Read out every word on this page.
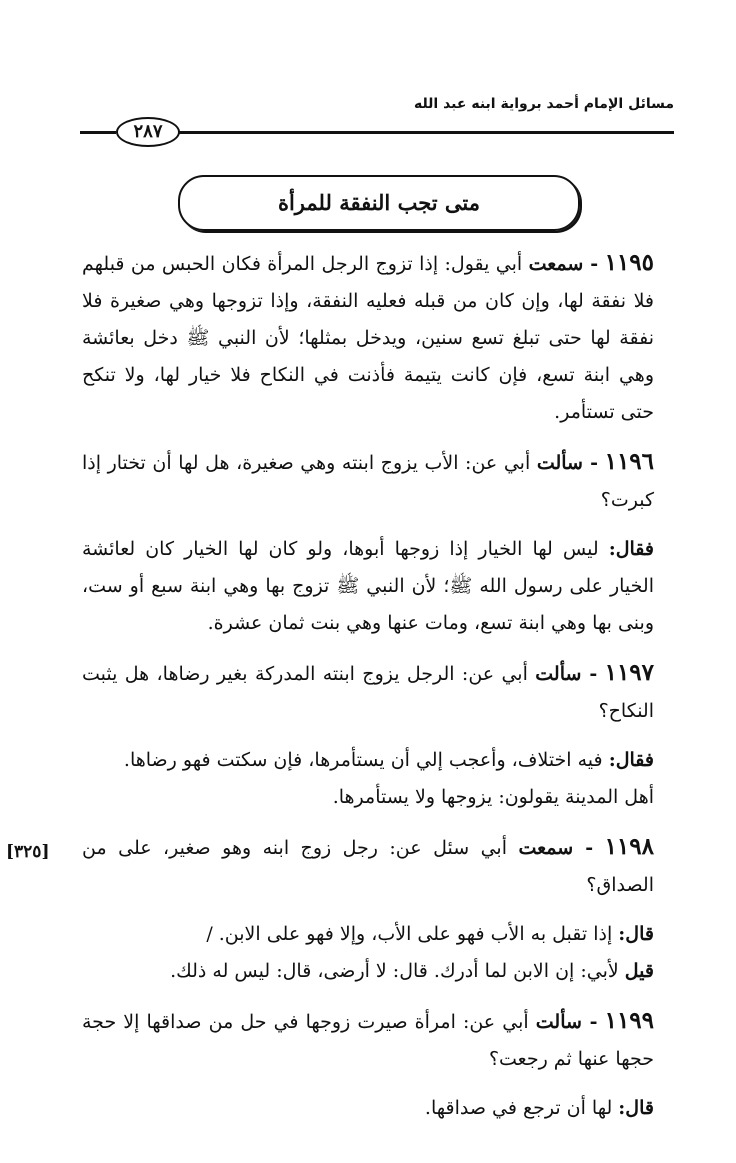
مسائل الإمام أحمد برواية ابنه عبد الله
٢٨٧
متى تجب النفقة للمرأة
[٣٢٥]

١١٩٥ - سمعت أبي يقول: إذا تزوج الرجل المرأة فكان الحبس من قبلهم فلا نفقة لها، وإن كان من قبله فعليه النفقة، وإذا تزوجها وهي صغيرة فلا نفقة لها حتى تبلغ تسع سنين، ويدخل بمثلها؛ لأن النبي ﷺ دخل بعائشة وهي ابنة تسع، فإن كانت يتيمة فأذنت في النكاح فلا خيار لها، ولا تنكح حتى تستأمر.

١١٩٦ - سألت أبي عن: الأب يزوج ابنته وهي صغيرة، هل لها أن تختار إذا كبرت؟

فقال: ليس لها الخيار إذا زوجها أبوها، ولو كان لها الخيار كان لعائشة الخيار على رسول الله ﷺ؛ لأن النبي ﷺ تزوج بها وهي ابنة سبع أو ست، وبنى بها وهي ابنة تسع، ومات عنها وهي بنت ثمان عشرة.

١١٩٧ - سألت أبي عن: الرجل يزوج ابنته المدركة بغير رضاها، هل يثبت النكاح؟

فقال: فيه اختلاف، وأعجب إلي أن يستأمرها، فإن سكتت فهو رضاها.

أهل المدينة يقولون: يزوجها ولا يستأمرها.

١١٩٨ - سمعت أبي سئل عن: رجل زوج ابنه وهو صغير، على من الصداق؟

قال: إذا تقبل به الأب فهو على الأب، وإلا فهو على الابن. /

قيل لأبي: إن الابن لما أدرك. قال: لا أرضى، قال: ليس له ذلك.

١١٩٩ - سألت أبي عن: امرأة صيرت زوجها في حل من صداقها إلا حجة حجها عنها ثم رجعت؟

قال: لها أن ترجع في صداقها.
